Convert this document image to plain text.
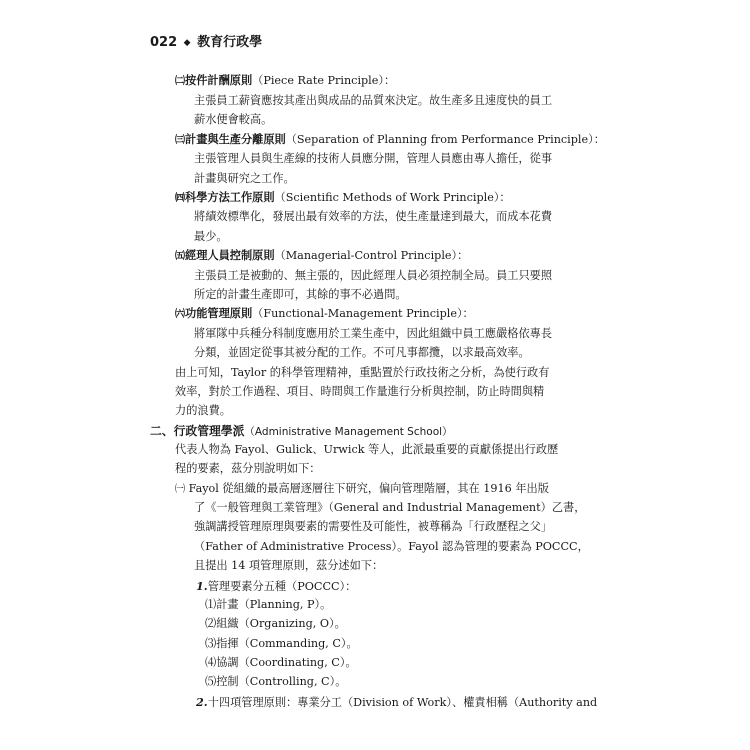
022 ◆ 教育行政學
㈡按件計酬原則（Piece Rate Principle）：
主張員工薪資應按其產出與成品的品質來決定。故生產多且速度快的員工
薪水便會較高。
㈢計畫與生產分離原則（Separation of Planning from Performance Principle）：
主張管理人員與生產線的技術人員應分開，管理人員應由專人擔任，從事
計畫與研究之工作。
㈣科學方法工作原則（Scientific Methods of Work Principle）：
將績效標準化，發展出最有效率的方法，使生產量達到最大，而成本花費
最少。
㈤經理人員控制原則（Managerial-Control Principle）：
主張員工是被動的、無主張的，因此經理人員必須控制全局。員工只要照
所定的計畫生產即可，其餘的事不必過問。
㈥功能管理原則（Functional-Management Principle）：
將軍隊中兵種分科制度應用於工業生產中，因此組織中員工應嚴格依專長
分類，並固定從事其被分配的工作。不可凡事都攬，以求最高效率。
由上可知，Taylor 的科學管理精神，重點置於行政技術之分析，為使行政有
效率，對於工作過程、項目、時間與工作量進行分析與控制，防止時間與精
力的浪費。
二、行政管理學派（Administrative Management School）
代表人物為 Fayol、Gulick、Urwick 等人，此派最重要的貢獻係提出行政歷
程的要素，茲分別說明如下：
㈠ Fayol 從組織的最高層逐層往下研究，偏向管理階層，其在 1916 年出版
了《一般管理與工業管理》（General and Industrial Management）乙書，
強調講授管理原理與要素的需要性及可能性，被尊稱為「行政歷程之父」
（Father of Administrative Process）。Fayol 認為管理的要素為 POCCC，
且提出 14 項管理原則，茲分述如下：
1.管理要素分五種（POCCC）：
⑴計畫（Planning, P）。
⑵組織（Organizing, O）。
⑶指揮（Commanding, C）。
⑷協調（Coordinating, C）。
⑸控制（Controlling, C）。
2.十四項管理原則：專業分工（Division of Work）、權責相稱（Authority and
